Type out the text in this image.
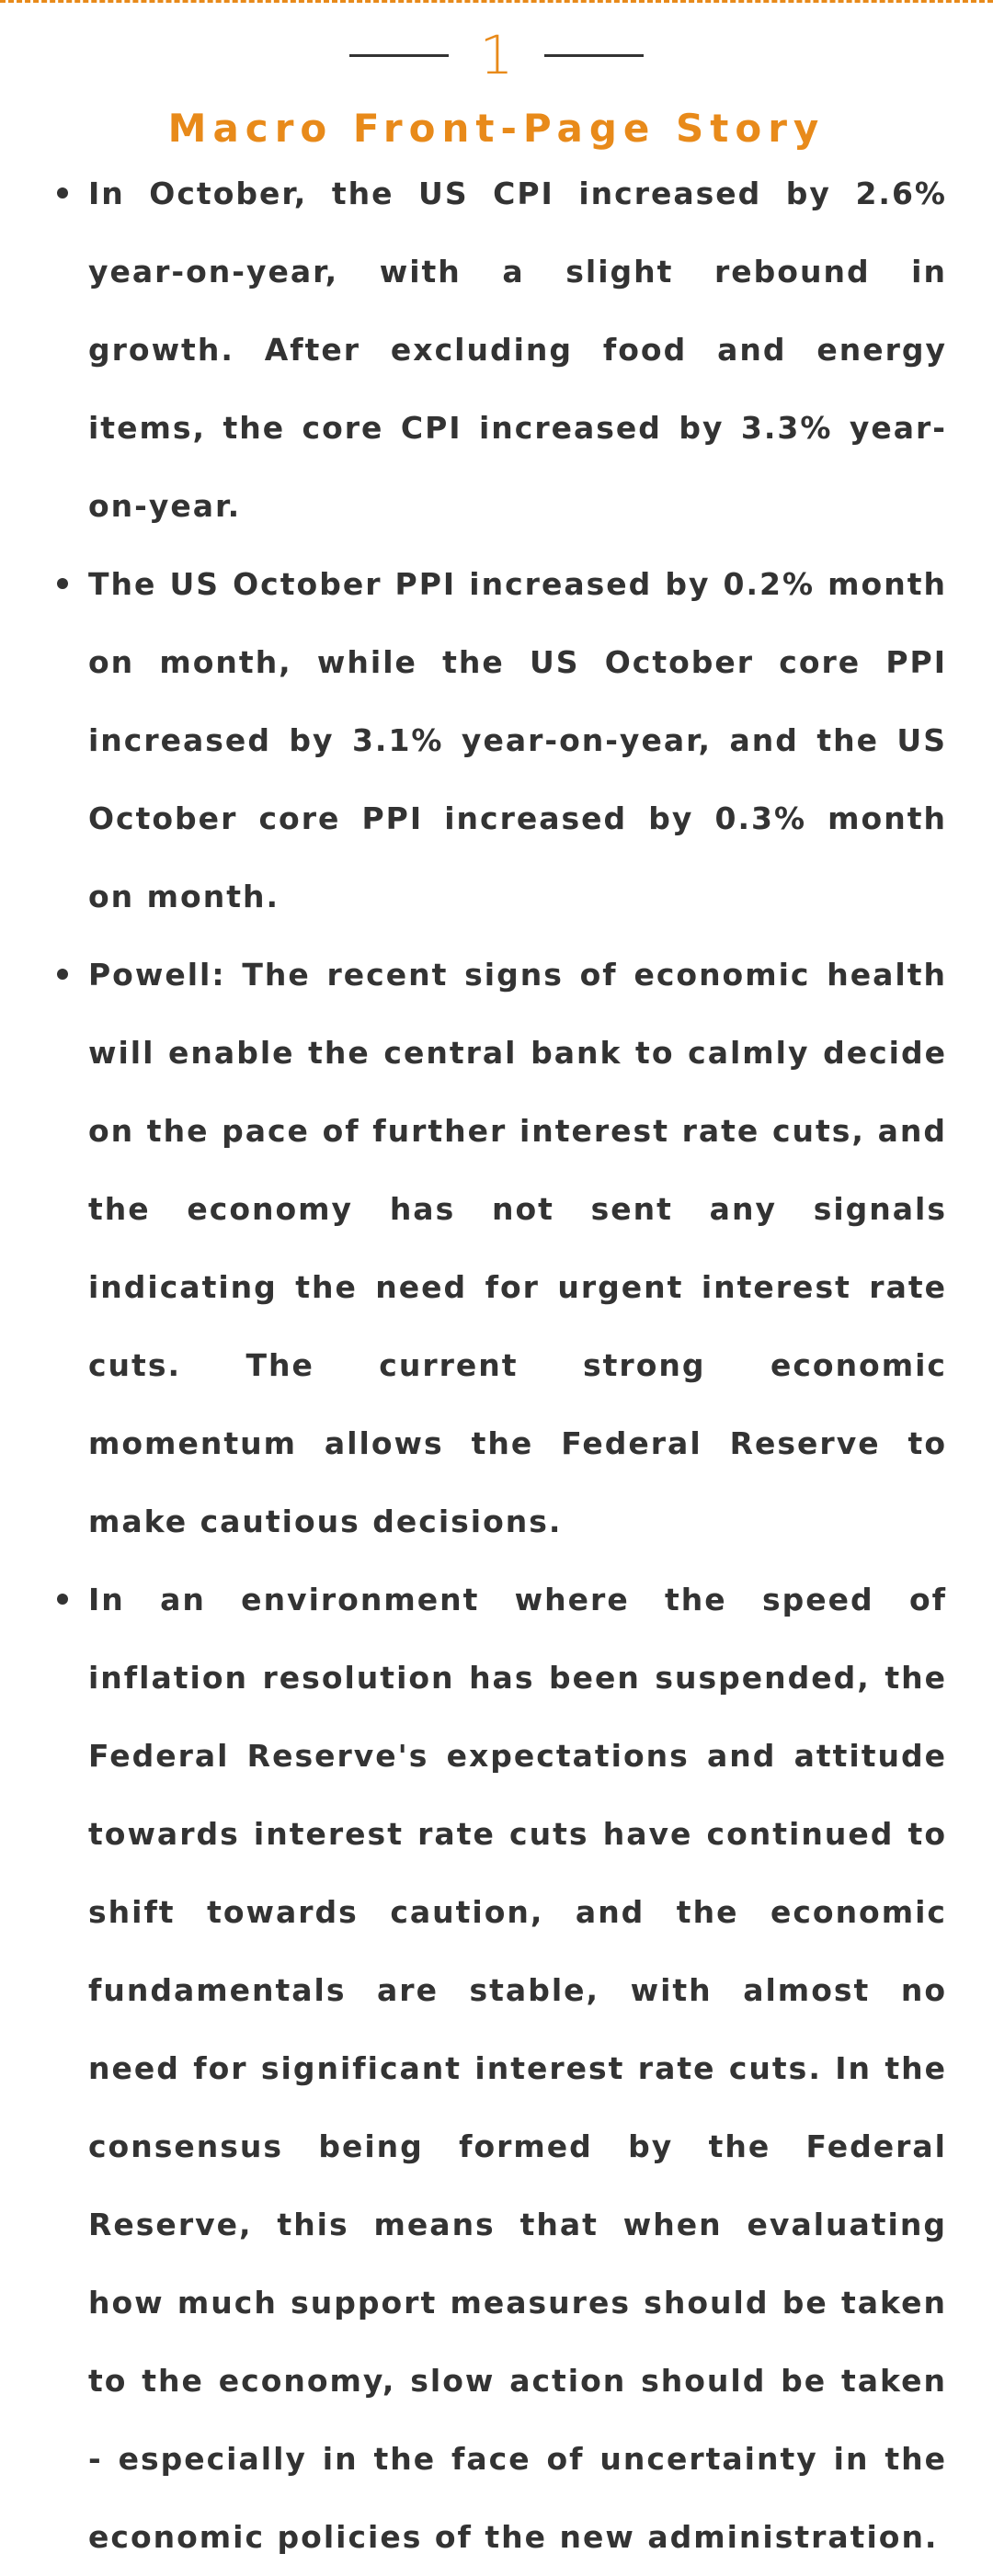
1
Macro Front-Page Story
In October, the US CPI increased by 2.6% year-on-year, with a slight rebound in growth. After excluding food and energy items, the core CPI increased by 3.3% year-on-year.
The US October PPI increased by 0.2% month on month, while the US October core PPI increased by 3.1% year-on-year, and the US October core PPI increased by 0.3% month on month.
Powell: The recent signs of economic health will enable the central bank to calmly decide on the pace of further interest rate cuts, and the economy has not sent any signals indicating the need for urgent interest rate cuts. The current strong economic momentum allows the Federal Reserve to make cautious decisions.
In an environment where the speed of inflation resolution has been suspended, the Federal Reserve's expectations and attitude towards interest rate cuts have continued to shift towards caution, and the economic fundamentals are stable, with almost no need for significant interest rate cuts. In the consensus being formed by the Federal Reserve, this means that when evaluating how much support measures should be taken to the economy, slow action should be taken - especially in the face of uncertainty in the economic policies of the new administration.
